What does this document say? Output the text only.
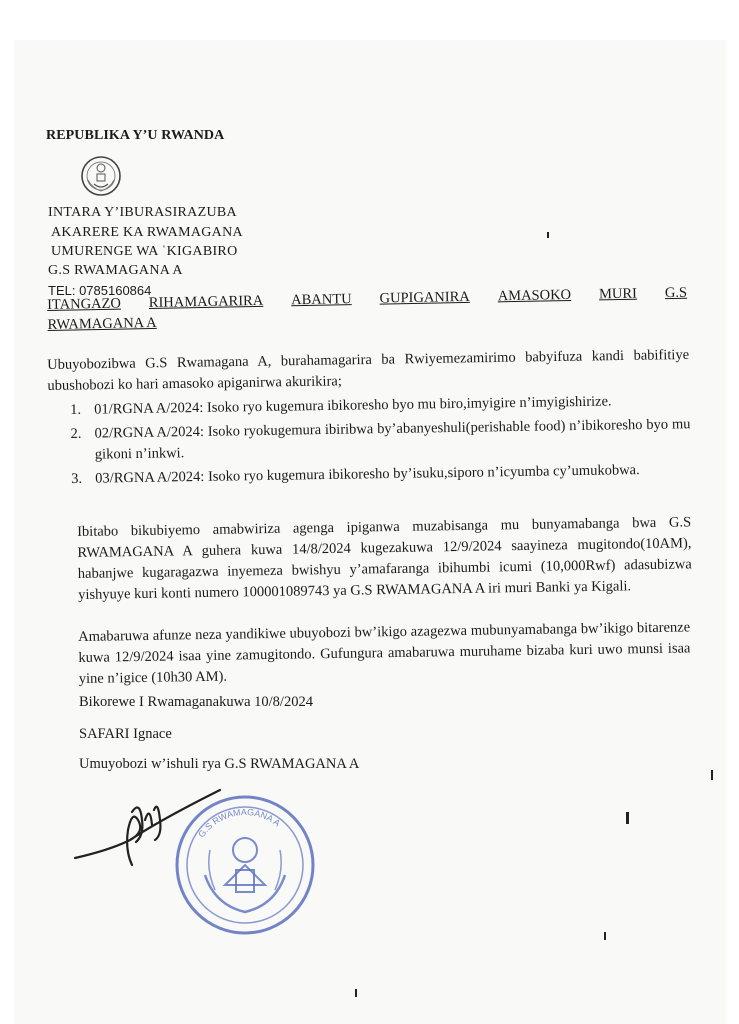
REPUBLIKA Y’U RWANDA
INTARA Y’IBURASIRAZUBA
AKARERE KA RWAMAGANA
UMURENGE WA ˈKIGABIRO
G.S RWAMAGANA A
TEL: 0785160864
ITANGAZO RIHAMAGARIRA ABANTU GUPIGANIRA AMASOKO MURI G.S
RWAMAGANA A
Ubuyobozibwa G.S Rwamagana A, burahamagarira ba Rwiyemezamirimo babyifuza kandi babifitiye ubushobozi ko hari amasoko apiganirwa akurikira;
1. 01/RGNA A/2024: Isoko ryo kugemura ibikoresho byo mu biro,imyigire n’imyigishirize.
2. 02/RGNA A/2024: Isoko ryokugemura ibiribwa by’abanyeshuli(perishable food) n’ibikoresho byo mu gikoni n’inkwi.
3. 03/RGNA A/2024: Isoko ryo kugemura ibikoresho by’isuku,siporo n’icyumba cy’umukobwa.
Ibitabo bikubiyemo amabwiriza agenga ipiganwa muzabisanga mu bunyamabanga bwa G.S RWAMAGANA A guhera kuwa 14/8/2024 kugezakuwa 12/9/2024 saayineza mugitondo(10AM), habanjwe kugaragazwa inyemeza bwishyu y’amafaranga ibihumbi icumi (10,000Rwf) adasubizwa yishyuye kuri konti numero 100001089743 ya G.S RWAMAGANA A iri muri Banki ya Kigali.
Amabaruwa afunze neza yandikiwe ubuyobozi bw’ikigo azagezwa mubunyamabanga bw’ikigo bitarenze kuwa 12/9/2024 isaa yine zamugitondo. Gufungura amabaruwa muruhame bizaba kuri uwo munsi isaa yine n’igice (10h30 AM).
Bikorewe I Rwamaganakuwa 10/8/2024
SAFARI Ignace
Umuyobozi w’ishuli rya G.S RWAMAGANA A
G.S RWAMAGANA A
